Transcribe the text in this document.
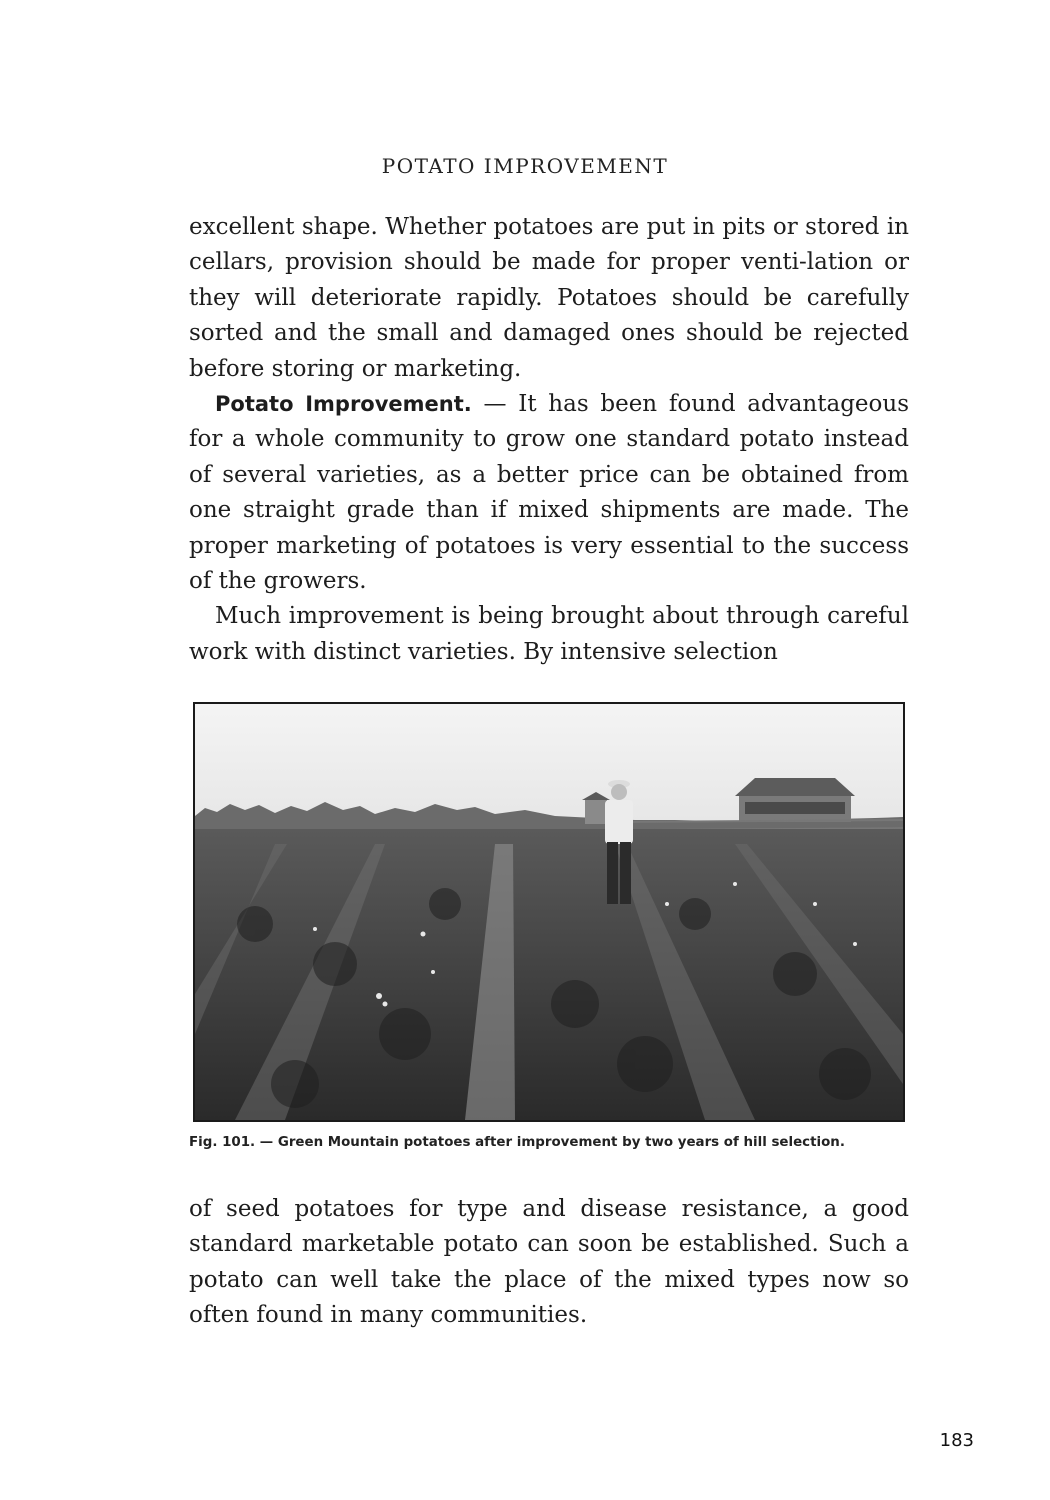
POTATO IMPROVEMENT

excellent shape. Whether potatoes are put in pits or stored in cellars, provision should be made for proper venti-lation or they will deteriorate rapidly. Potatoes should be carefully sorted and the small and damaged ones should be rejected before storing or marketing.

Potato Improvement. — It has been found advantageous for a whole community to grow one standard potato instead of several varieties, as a better price can be obtained from one straight grade than if mixed shipments are made. The proper marketing of potatoes is very essential to the success of the growers.

Much improvement is being brought about through careful work with distinct varieties. By intensive selection

Fig. 101. — Green Mountain potatoes after improvement by two years of hill selection.

of seed potatoes for type and disease resistance, a good standard marketable potato can soon be established. Such a potato can well take the place of the mixed types now so often found in many communities.

183
